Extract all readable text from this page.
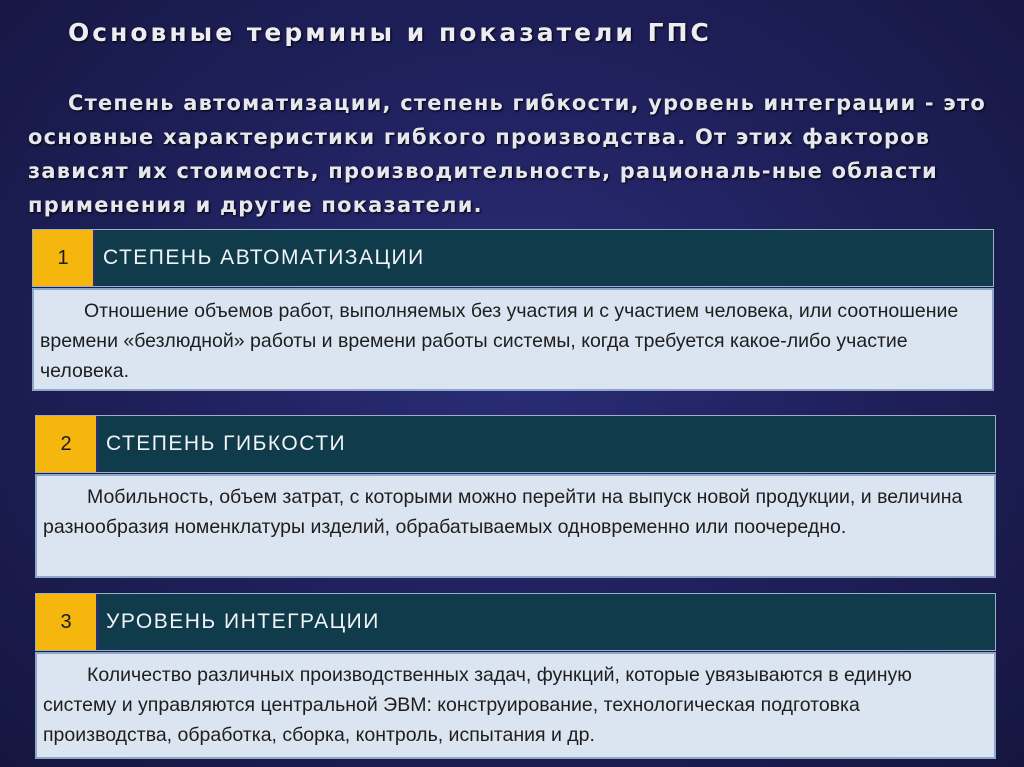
Основные термины и показатели ГПС

Степень автоматизации, степень гибкости, уровень интеграции - это основные характеристики гибкого производства. От этих факторов зависят их стоимость, производительность, рациональ-ные области применения и другие показатели.

1	СТЕПЕНЬ АВТОМАТИЗАЦИИ

Отношение объемов работ, выполняемых без участия и с участием человека, или соотношение времени «безлюдной» работы и времени работы системы, когда требуется какое-либо участие человека.

2	СТЕПЕНЬ ГИБКОСТИ

Мобильность, объем затрат, с которыми можно перейти на выпуск новой продукции, и величина разнообразия номенклатуры изделий, обрабатываемых одновременно или поочередно.

3	УРОВЕНЬ ИНТЕГРАЦИИ

Количество различных производственных задач, функций, которые увязываются в единую систему и управляются центральной ЭВМ: конструирование, технологическая подготовка производства, обработка, сборка, контроль, испытания и др.
